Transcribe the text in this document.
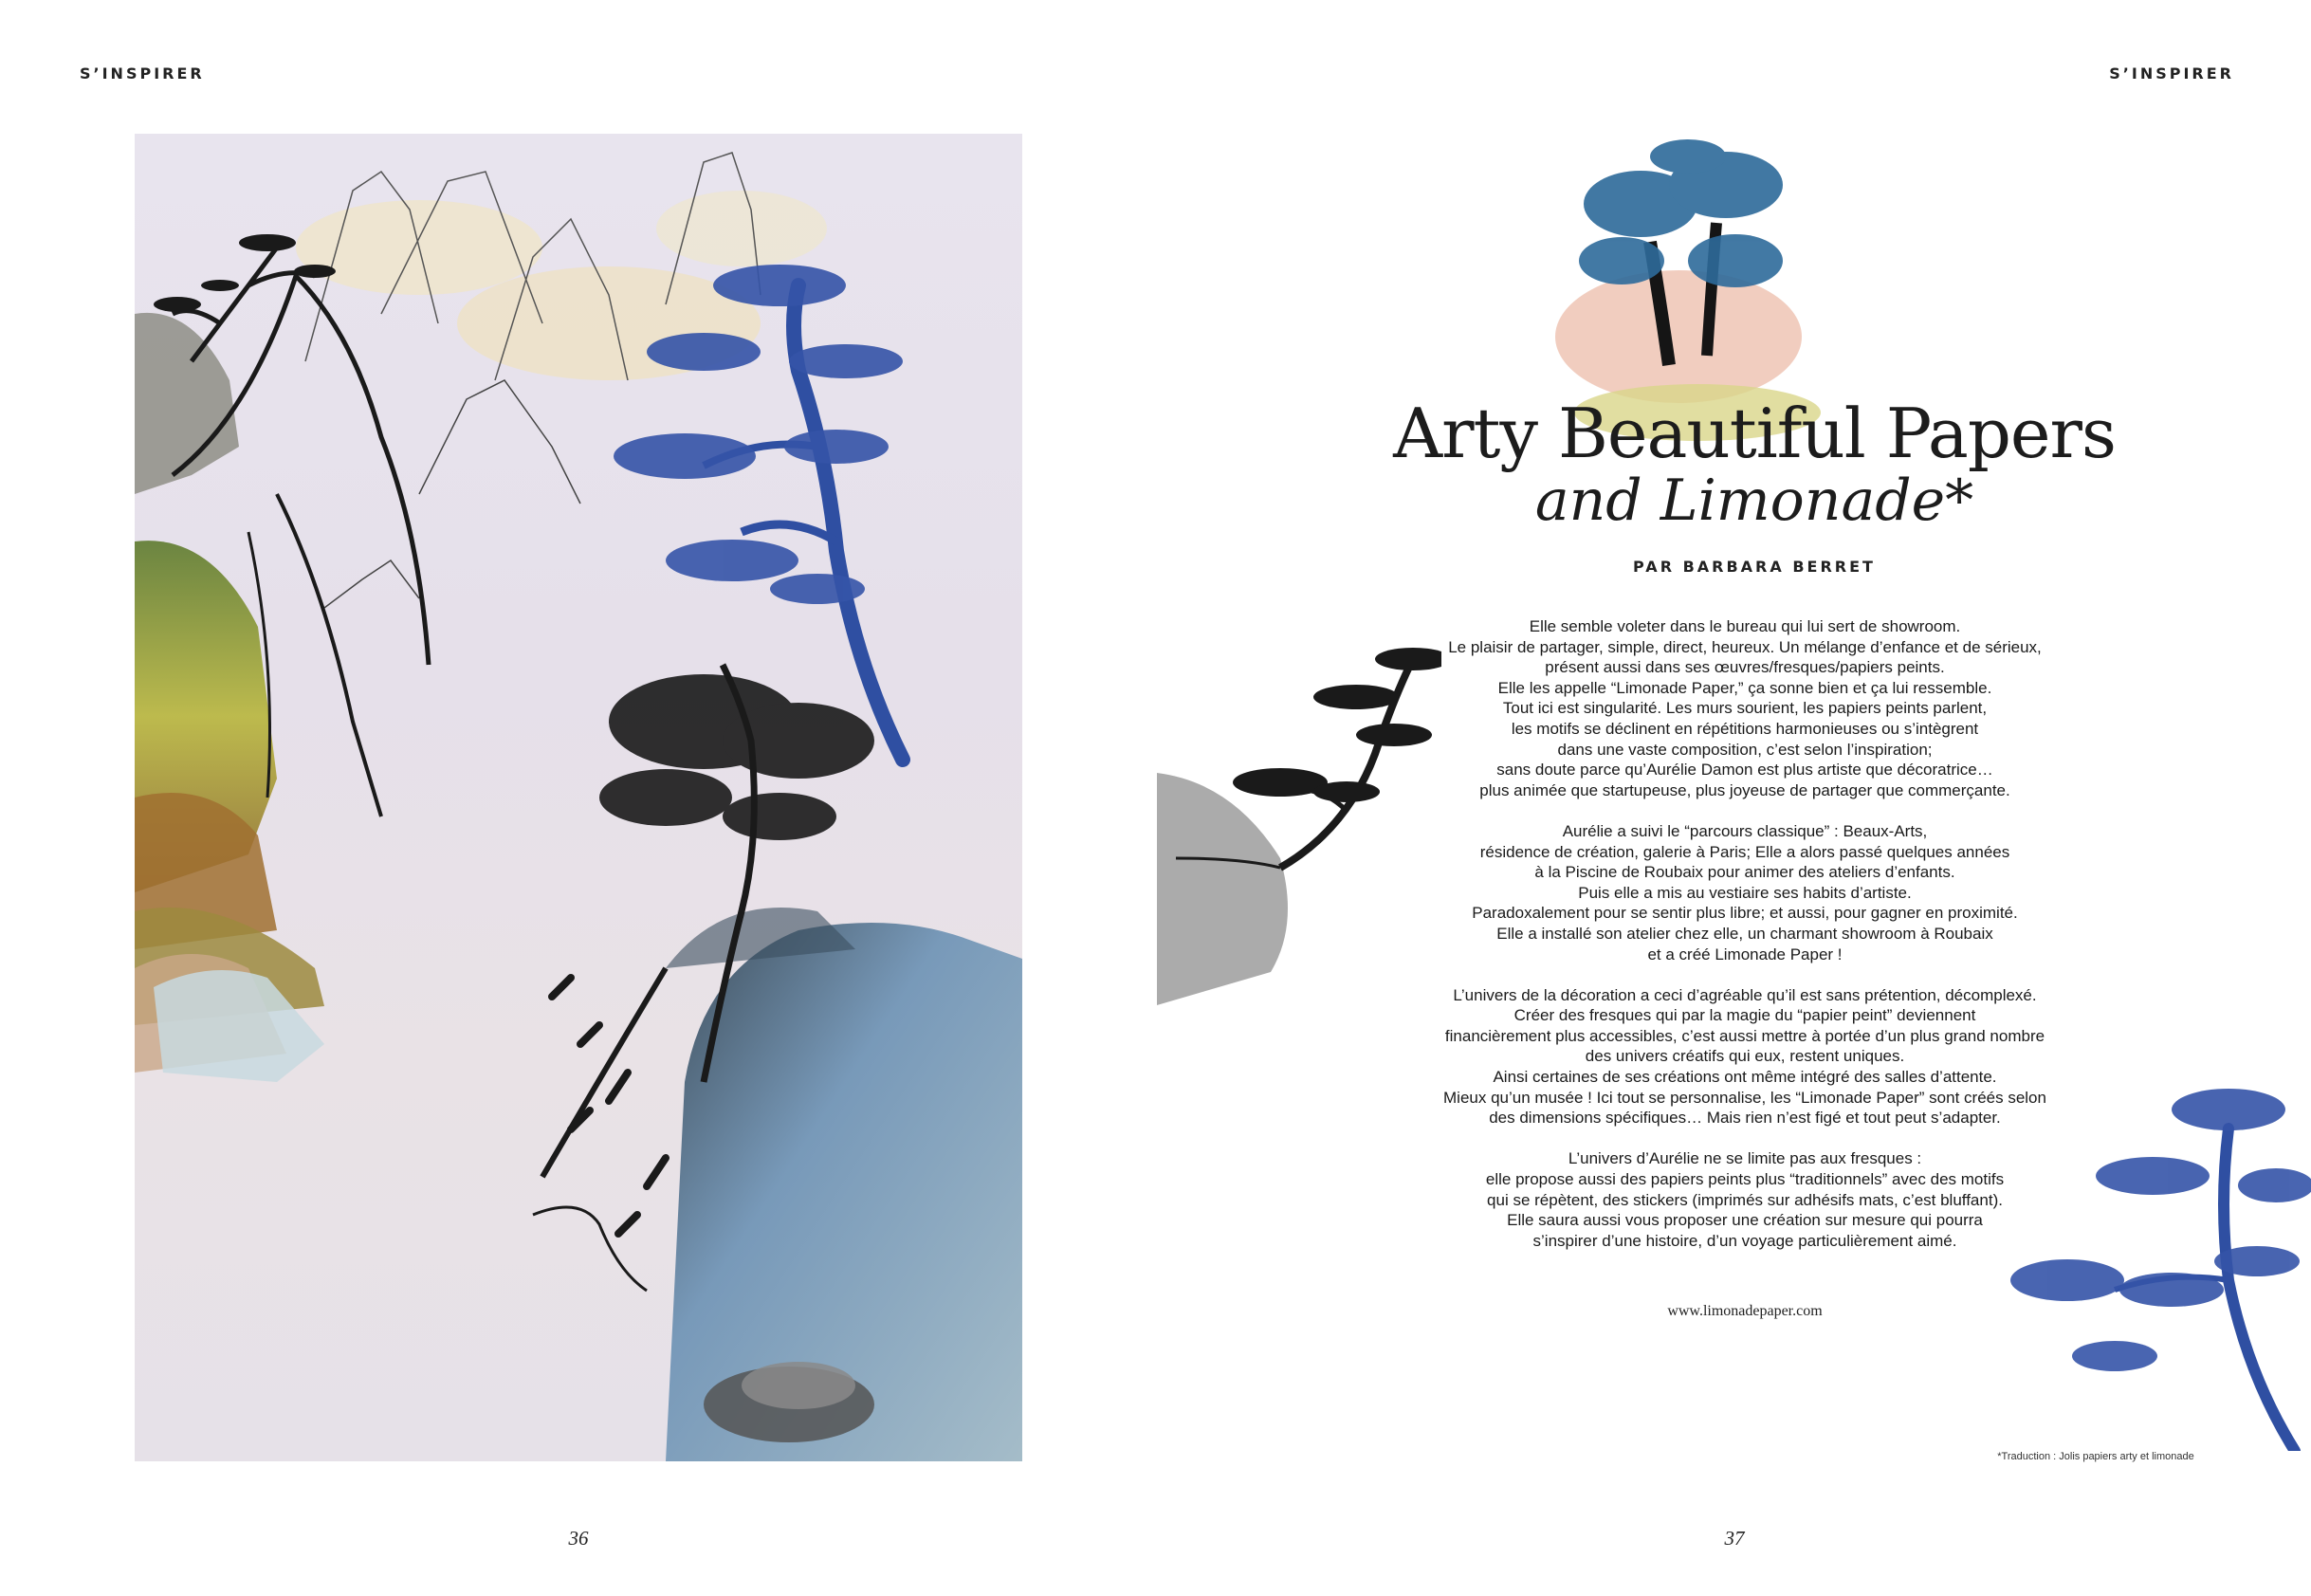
S’INSPIRER	S’INSPIRER
Arty Beautiful Papers
and Limonade*
PAR BARBARA BERRET
Elle semble voleter dans le bureau qui lui sert de showroom.
Le plaisir de partager, simple, direct, heureux. Un mélange d’enfance et de sérieux,
présent aussi dans ses œuvres/fresques/papiers peints.
Elle les appelle “Limonade Paper,” ça sonne bien et ça lui ressemble.
Tout ici est singularité. Les murs sourient, les papiers peints parlent,
les motifs se déclinent en répétitions harmonieuses ou s’intègrent
dans une vaste composition, c’est selon l’inspiration;
sans doute parce qu’Aurélie Damon est plus artiste que décoratrice…
plus animée que startupeuse, plus joyeuse de partager que commerçante.
Aurélie a suivi le “parcours classique” : Beaux-Arts,
résidence de création, galerie à Paris; Elle a alors passé quelques années
à la Piscine de Roubaix pour animer des ateliers d’enfants.
Puis elle a mis au vestiaire ses habits d’artiste.
Paradoxalement pour se sentir plus libre; et aussi, pour gagner en proximité.
Elle a installé son atelier chez elle, un charmant showroom à Roubaix
et a créé Limonade Paper !
L’univers de la décoration a ceci d’agréable qu’il est sans prétention, décomplexé.
Créer des fresques qui par la magie du “papier peint” deviennent
financièrement plus accessibles, c’est aussi mettre à portée d’un plus grand nombre
des univers créatifs qui eux, restent uniques.
Ainsi certaines de ses créations ont même intégré des salles d’attente.
Mieux qu’un musée ! Ici tout se personnalise, les “Limonade Paper” sont créés selon
des dimensions spécifiques… Mais rien n’est figé et tout peut s’adapter.
L’univers d’Aurélie ne se limite pas aux fresques :
elle propose aussi des papiers peints plus “traditionnels” avec des motifs
qui se répètent, des stickers (imprimés sur adhésifs mats, c’est bluffant).
Elle saura aussi vous proposer une création sur mesure qui pourra
s’inspirer d’une histoire, d’un voyage particulièrement aimé.
www.limonadepaper.com
*Traduction : Jolis papiers arty et limonade
36	37
